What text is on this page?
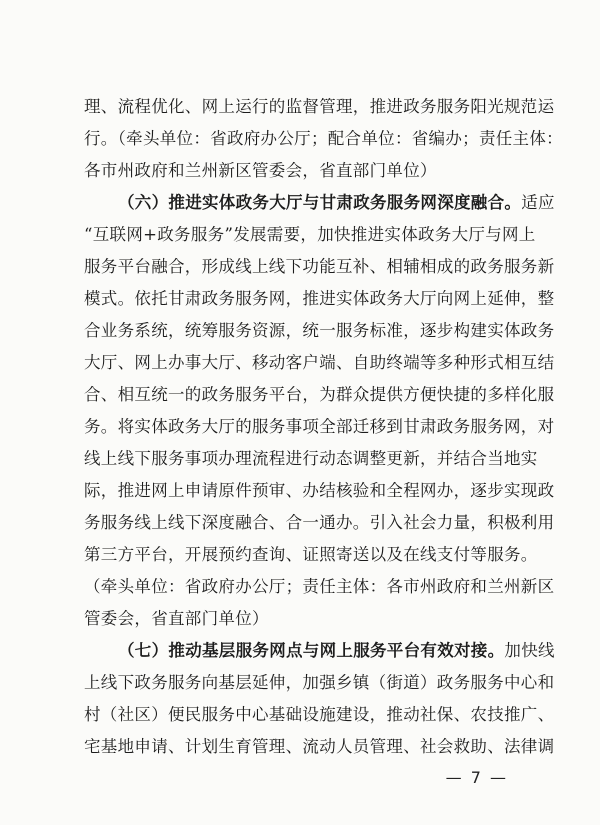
理、流程优化、网上运行的监督管理，推进政务服务阳光规范运
行。（牵头单位：省政府办公厅；配合单位：省编办；责任主体：
各市州政府和兰州新区管委会，省直部门单位）
（六）推进实体政务大厅与甘肃政务服务网深度融合。适应
“互联网+政务服务”发展需要，加快推进实体政务大厅与网上
服务平台融合，形成线上线下功能互补、相辅相成的政务服务新
模式。依托甘肃政务服务网，推进实体政务大厅向网上延伸，整
合业务系统，统筹服务资源，统一服务标准，逐步构建实体政务
大厅、网上办事大厅、移动客户端、自助终端等多种形式相互结
合、相互统一的政务服务平台，为群众提供方便快捷的多样化服
务。将实体政务大厅的服务事项全部迁移到甘肃政务服务网，对
线上线下服务事项办理流程进行动态调整更新，并结合当地实
际，推进网上申请原件预审、办结核验和全程网办，逐步实现政
务服务线上线下深度融合、合一通办。引入社会力量，积极利用
第三方平台，开展预约查询、证照寄送以及在线支付等服务。
（牵头单位：省政府办公厅；责任主体：各市州政府和兰州新区
管委会，省直部门单位）
（七）推动基层服务网点与网上服务平台有效对接。加快线
上线下政务服务向基层延伸，加强乡镇（街道）政务服务中心和
村（社区）便民服务中心基础设施建设，推动社保、农技推广、
宅基地申请、计划生育管理、流动人员管理、社会救助、法律调
— 7 —
